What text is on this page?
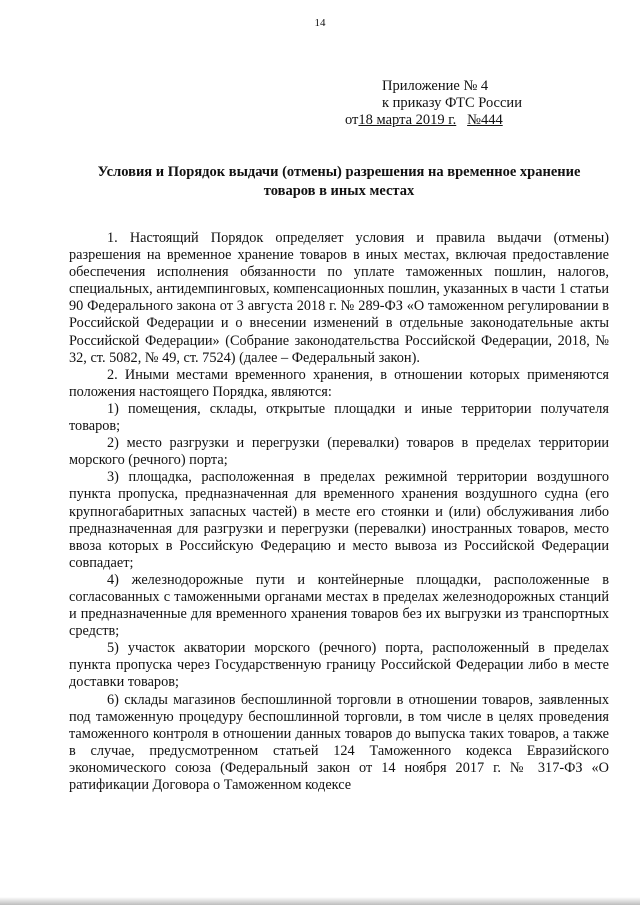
14
Приложение № 4
к приказу ФТС России
от18 марта 2019 г. №444
Условия и Порядок выдачи (отмены) разрешения на временное хранение товаров в иных местах

1. Настоящий Порядок определяет условия и правила выдачи (отмены) разрешения на временное хранение товаров в иных местах, включая предоставление обеспечения исполнения обязанности по уплате таможенных пошлин, налогов, специальных, антидемпинговых, компенсационных пошлин, указанных в части 1 статьи 90 Федерального закона от 3 августа 2018 г. № 289-ФЗ «О таможенном регулировании в Российской Федерации и о внесении изменений в отдельные законодательные акты Российской Федерации» (Собрание законодательства Российской Федерации, 2018, № 32, ст. 5082, № 49, ст. 7524) (далее – Федеральный закон).

2. Иными местами временного хранения, в отношении которых применяются положения настоящего Порядка, являются:

1) помещения, склады, открытые площадки и иные территории получателя товаров;

2) место разгрузки и перегрузки (перевалки) товаров в пределах территории морского (речного) порта;

3) площадка, расположенная в пределах режимной территории воздушного пункта пропуска, предназначенная для временного хранения воздушного судна (его крупногабаритных запасных частей) в месте его стоянки и (или) обслуживания либо предназначенная для разгрузки и перегрузки (перевалки) иностранных товаров, место ввоза которых в Российскую Федерацию и место вывоза из Российской Федерации совпадает;

4) железнодорожные пути и контейнерные площадки, расположенные в согласованных с таможенными органами местах в пределах железнодорожных станций и предназначенные для временного хранения товаров без их выгрузки из транспортных средств;

5) участок акватории морского (речного) порта, расположенный в пределах пункта пропуска через Государственную границу Российской Федерации либо в месте доставки товаров;

6) склады магазинов беспошлинной торговли в отношении товаров, заявленных под таможенную процедуру беспошлинной торговли, в том числе в целях проведения таможенного контроля в отношении данных товаров до выпуска таких товаров, а также в случае, предусмотренном статьей 124 Таможенного кодекса Евразийского экономического союза (Федеральный закон от 14 ноября 2017 г. № 317-ФЗ «О ратификации Договора о Таможенном кодексе
